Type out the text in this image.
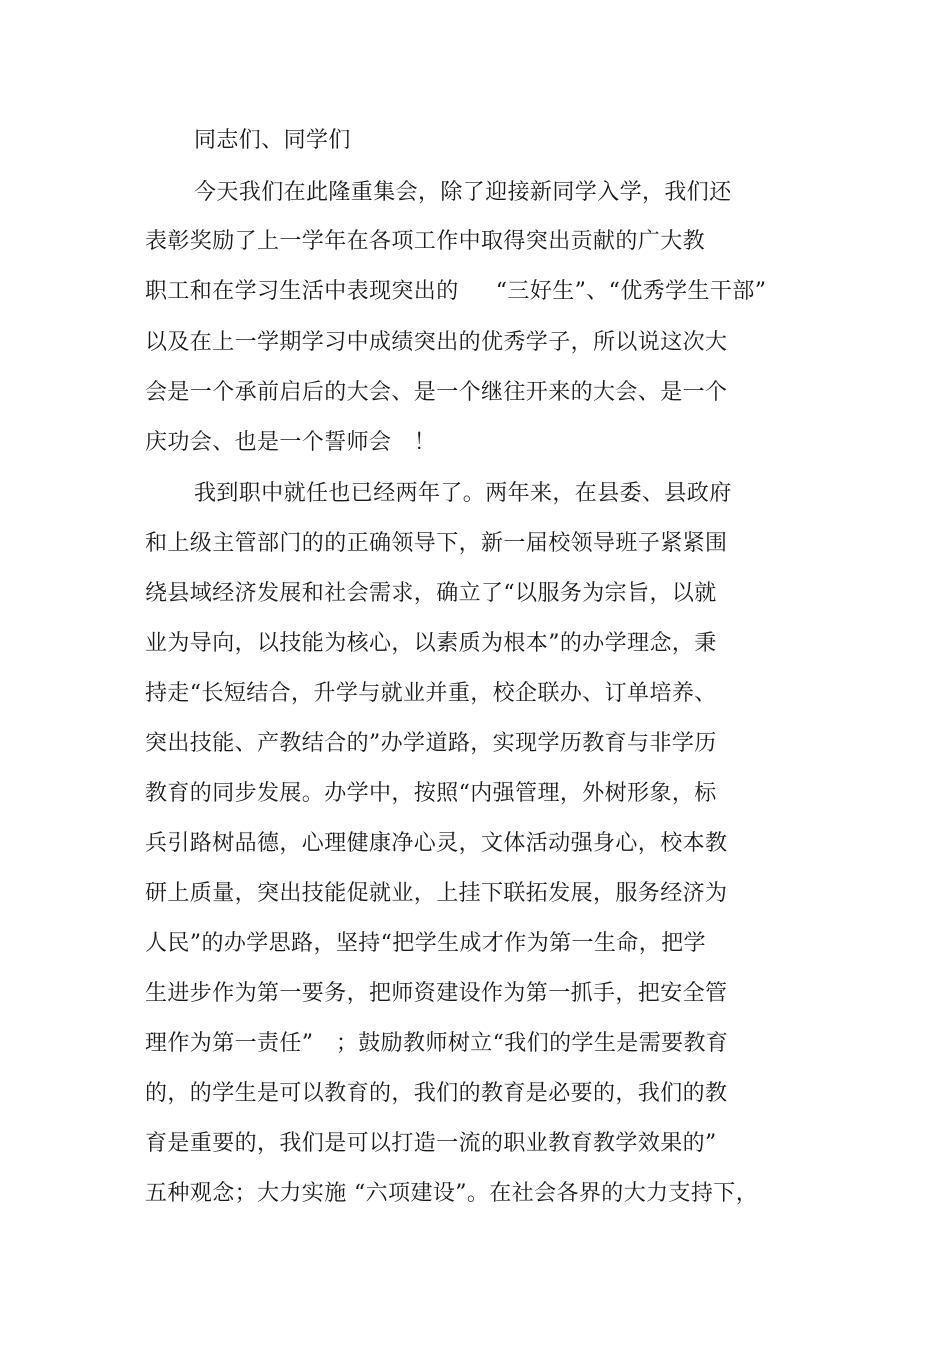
同志们、同学们
今天我们在此隆重集会，除了迎接新同学入学，我们还
表彰奖励了上一学年在各项工作中取得突出贡献的广大教
职工和在学习生活中表现突出的　  “三好生”、“优秀学生干部”
以及在上一学期学习中成绩突出的优秀学子，所以说这次大
会是一个承前启后的大会、是一个继往开来的大会、是一个
庆功会、也是一个誓师会　！
我到职中就任也已经两年了。两年来，在县委、县政府
和上级主管部门的的正确领导下，新一届校领导班子紧紧围
绕县域经济发展和社会需求，确立了“以服务为宗旨，以就
业为导向，以技能为核心，以素质为根本”的办学理念，秉
持走“长短结合，升学与就业并重，校企联办、订单培养、
突出技能、产教结合的”办学道路，实现学历教育与非学历
教育的同步发展。办学中，按照“内强管理，外树形象，标
兵引路树品德，心理健康净心灵，文体活动强身心，校本教
研上质量，突出技能促就业，上挂下联拓发展，服务经济为
人民”的办学思路，坚持“把学生成才作为第一生命，把学
生进步作为第一要务，把师资建设作为第一抓手，把安全管
理作为第一责任”　；鼓励教师树立“我们的学生是需要教育
的，的学生是可以教育的，我们的教育是必要的，我们的教
育是重要的，我们是可以打造一流的职业教育教学效果的”
五种观念；大力实施 “六项建设”。在社会各界的大力支持下，
